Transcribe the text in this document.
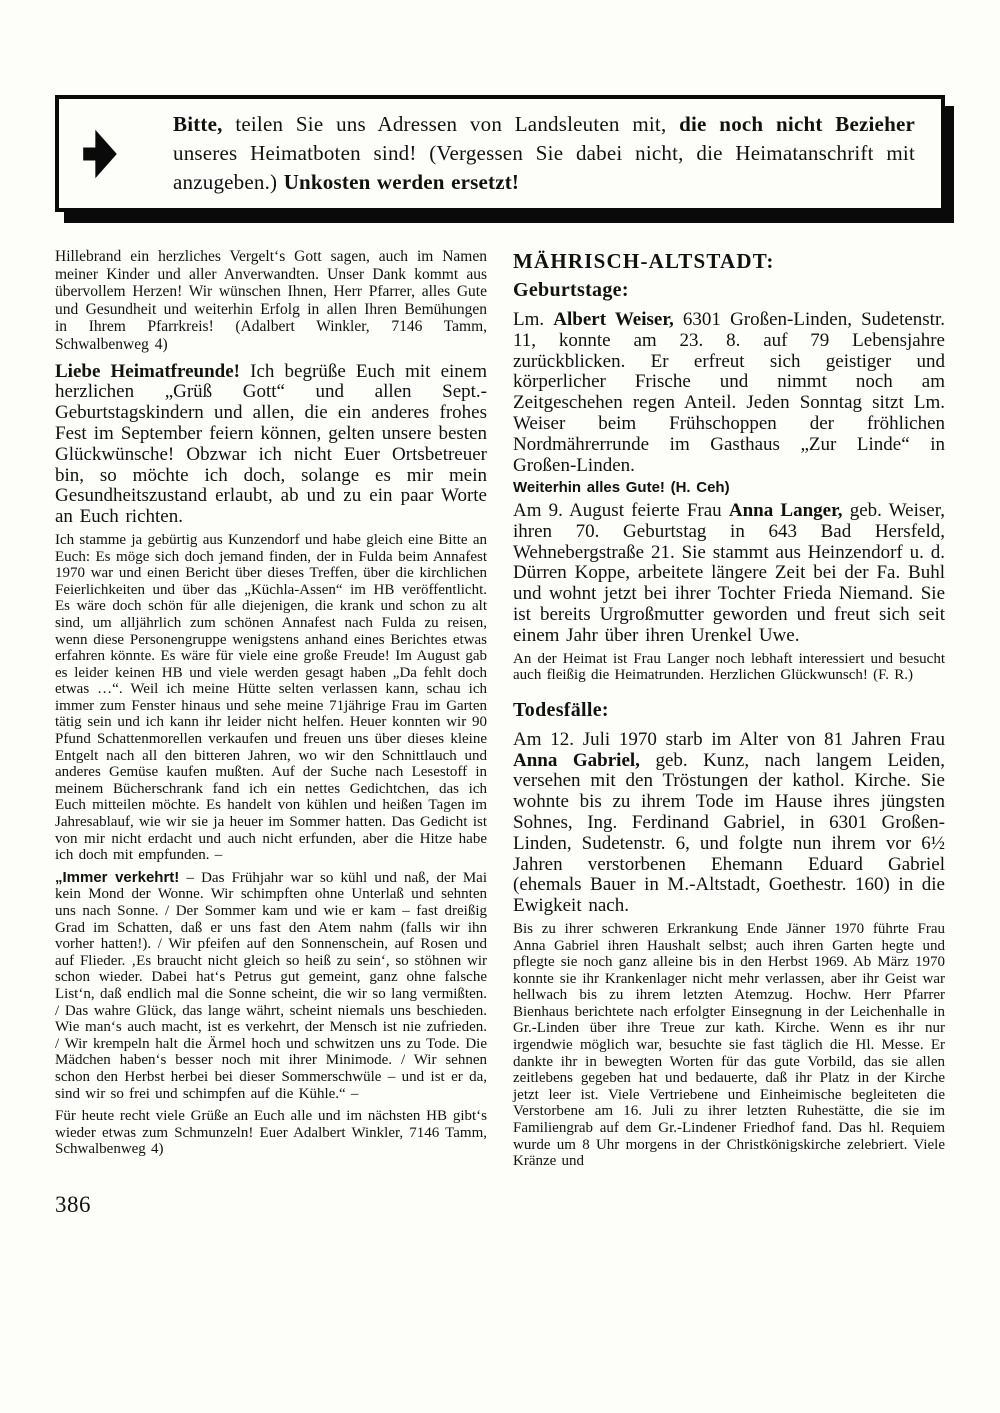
Bitte, teilen Sie uns Adressen von Landsleuten mit, die noch nicht Bezieher unseres Heimatboten sind! (Vergessen Sie dabei nicht, die Heimatanschrift mit anzugeben.) Unkosten werden ersetzt!

Hillebrand ein herzliches Vergelt‘s Gott sagen, auch im Namen meiner Kinder und aller Anverwandten. Unser Dank kommt aus übervollem Herzen! Wir wünschen Ihnen, Herr Pfarrer, alles Gute und Gesundheit und weiterhin Erfolg in allen Ihren Bemühungen in Ihrem Pfarrkreis! (Adalbert Winkler, 7146 Tamm, Schwalbenweg 4)

Liebe Heimatfreunde! Ich begrüße Euch mit einem herzlichen „Grüß Gott“ und allen Sept.-Geburtstagskindern und allen, die ein anderes frohes Fest im September feiern können, gelten unsere besten Glückwünsche! Obzwar ich nicht Euer Ortsbetreuer bin, so möchte ich doch, solange es mir mein Gesundheitszustand erlaubt, ab und zu ein paar Worte an Euch richten.

Ich stamme ja gebürtig aus Kunzendorf und habe gleich eine Bitte an Euch: Es möge sich doch jemand finden, der in Fulda beim Annafest 1970 war und einen Bericht über dieses Treffen, über die kirchlichen Feierlichkeiten und über das „Küchla-Assen“ im HB veröffentlicht. Es wäre doch schön für alle diejenigen, die krank und schon zu alt sind, um alljährlich zum schönen Annafest nach Fulda zu reisen, wenn diese Personengruppe wenigstens anhand eines Berichtes etwas erfahren könnte. Es wäre für viele eine große Freude! Im August gab es leider keinen HB und viele werden gesagt haben „Da fehlt doch etwas …“. Weil ich meine Hütte selten verlassen kann, schau ich immer zum Fenster hinaus und sehe meine 71jährige Frau im Garten tätig sein und ich kann ihr leider nicht helfen. Heuer konnten wir 90 Pfund Schattenmorellen verkaufen und freuen uns über dieses kleine Entgelt nach all den bitteren Jahren, wo wir den Schnittlauch und anderes Gemüse kaufen mußten. Auf der Suche nach Lesestoff in meinem Bücherschrank fand ich ein nettes Gedichtchen, das ich Euch mitteilen möchte. Es handelt von kühlen und heißen Tagen im Jahresablauf, wie wir sie ja heuer im Sommer hatten. Das Gedicht ist von mir nicht erdacht und auch nicht erfunden, aber die Hitze habe ich doch mit empfunden. –

„Immer verkehrt! – Das Frühjahr war so kühl und naß, der Mai kein Mond der Wonne. Wir schimpften ohne Unterlaß und sehnten uns nach Sonne. / Der Sommer kam und wie er kam – fast dreißig Grad im Schatten, daß er uns fast den Atem nahm (falls wir ihn vorher hatten!). / Wir pfeifen auf den Sonnenschein, auf Rosen und auf Flieder. ‚Es braucht nicht gleich so heiß zu sein‘, so stöhnen wir schon wieder. Dabei hat‘s Petrus gut gemeint, ganz ohne falsche List‘n, daß endlich mal die Sonne scheint, die wir so lang vermißten. / Das wahre Glück, das lange währt, scheint niemals uns beschieden. Wie man‘s auch macht, ist es verkehrt, der Mensch ist nie zufrieden. / Wir krempeln halt die Ärmel hoch und schwitzen uns zu Tode. Die Mädchen haben‘s besser noch mit ihrer Minimode. / Wir sehnen schon den Herbst herbei bei dieser Sommerschwüle – und ist er da, sind wir so frei und schimpfen auf die Kühle.“ –

Für heute recht viele Grüße an Euch alle und im nächsten HB gibt‘s wieder etwas zum Schmunzeln! Euer Adalbert Winkler, 7146 Tamm, Schwalbenweg 4)

386
MÄHRISCH-ALTSTADT:
Geburtstage:

Lm. Albert Weiser, 6301 Großen-Linden, Sudetenstr. 11, konnte am 23. 8. auf 79 Lebensjahre zurückblicken. Er erfreut sich geistiger und körperlicher Frische und nimmt noch am Zeitgeschehen regen Anteil. Jeden Sonntag sitzt Lm. Weiser beim Frühschoppen der fröhlichen Nordmährerrunde im Gasthaus „Zur Linde“ in Großen-Linden.

Weiterhin alles Gute! (H. Ceh)

Am 9. August feierte Frau Anna Langer, geb. Weiser, ihren 70. Geburtstag in 643 Bad Hersfeld, Wehnebergstraße 21. Sie stammt aus Heinzendorf u. d. Dürren Koppe, arbeitete längere Zeit bei der Fa. Buhl und wohnt jetzt bei ihrer Tochter Frieda Niemand. Sie ist bereits Urgroßmutter geworden und freut sich seit einem Jahr über ihren Urenkel Uwe.

An der Heimat ist Frau Langer noch lebhaft interessiert und besucht auch fleißig die Heimatrunden. Herzlichen Glückwunsch! (F. R.)

Todesfälle:

Am 12. Juli 1970 starb im Alter von 81 Jahren Frau Anna Gabriel, geb. Kunz, nach langem Leiden, versehen mit den Tröstungen der kathol. Kirche. Sie wohnte bis zu ihrem Tode im Hause ihres jüngsten Sohnes, Ing. Ferdinand Gabriel, in 6301 Großen-Linden, Sudetenstr. 6, und folgte nun ihrem vor 6½ Jahren verstorbenen Ehemann Eduard Gabriel (ehemals Bauer in M.-Altstadt, Goethestr. 160) in die Ewigkeit nach.

Bis zu ihrer schweren Erkrankung Ende Jänner 1970 führte Frau Anna Gabriel ihren Haushalt selbst; auch ihren Garten hegte und pflegte sie noch ganz alleine bis in den Herbst 1969. Ab März 1970 konnte sie ihr Krankenlager nicht mehr verlassen, aber ihr Geist war hellwach bis zu ihrem letzten Atemzug. Hochw. Herr Pfarrer Bienhaus berichtete nach erfolgter Einsegnung in der Leichenhalle in Gr.-Linden über ihre Treue zur kath. Kirche. Wenn es ihr nur irgendwie möglich war, besuchte sie fast täglich die Hl. Messe. Er dankte ihr in bewegten Worten für das gute Vorbild, das sie allen zeitlebens gegeben hat und bedauerte, daß ihr Platz in der Kirche jetzt leer ist. Viele Vertriebene und Einheimische begleiteten die Verstorbene am 16. Juli zu ihrer letzten Ruhestätte, die sie im Familiengrab auf dem Gr.-Lindener Friedhof fand. Das hl. Requiem wurde um 8 Uhr morgens in der Christkönigskirche zelebriert. Viele Kränze und
